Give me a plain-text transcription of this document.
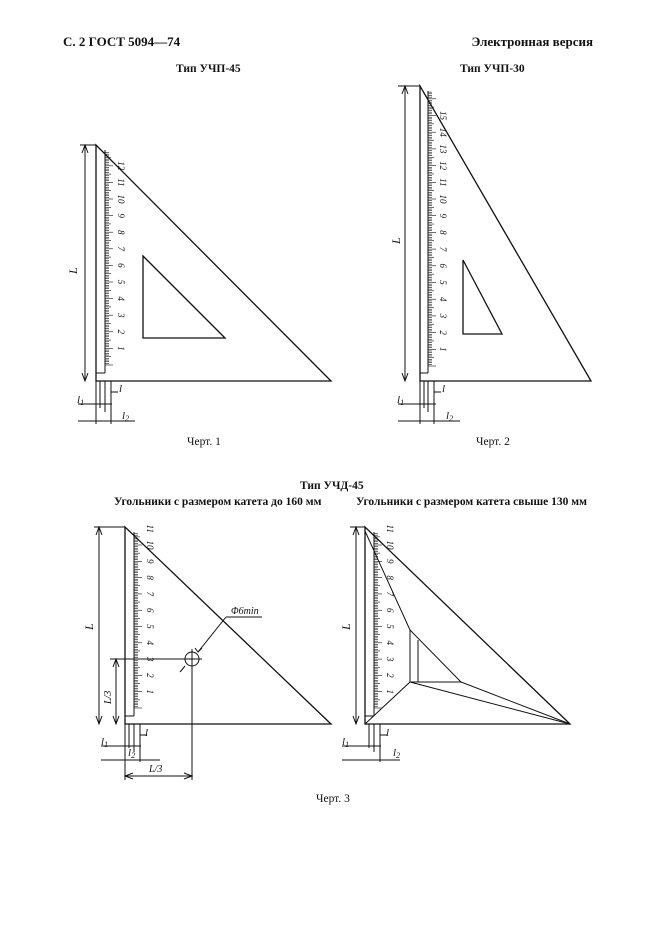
С. 2 ГОСТ 5094—74	Электронная версия
Тип УЧП-45	Тип УЧП-30
Черт. 1	Черт. 2
Тип УЧД-45
Угольники с размером катета до 160 мм	Угольники с размером катета свыше 130 мм
Черт. 3
1
2
3
4
5
6
7
8
9
10
11
12
L
l
l1
l2
1
2
3
4
5
6
7
8
9
10
11
12
13
14
15
L
l
l1
l2
1
2
3
4
5
6
7
8
9
10
11
Φ6min
L
L/3
L/3
l
l1
l2
1
2
3
4
5
6
7
8
9
10
11
L
l
l1
l2
